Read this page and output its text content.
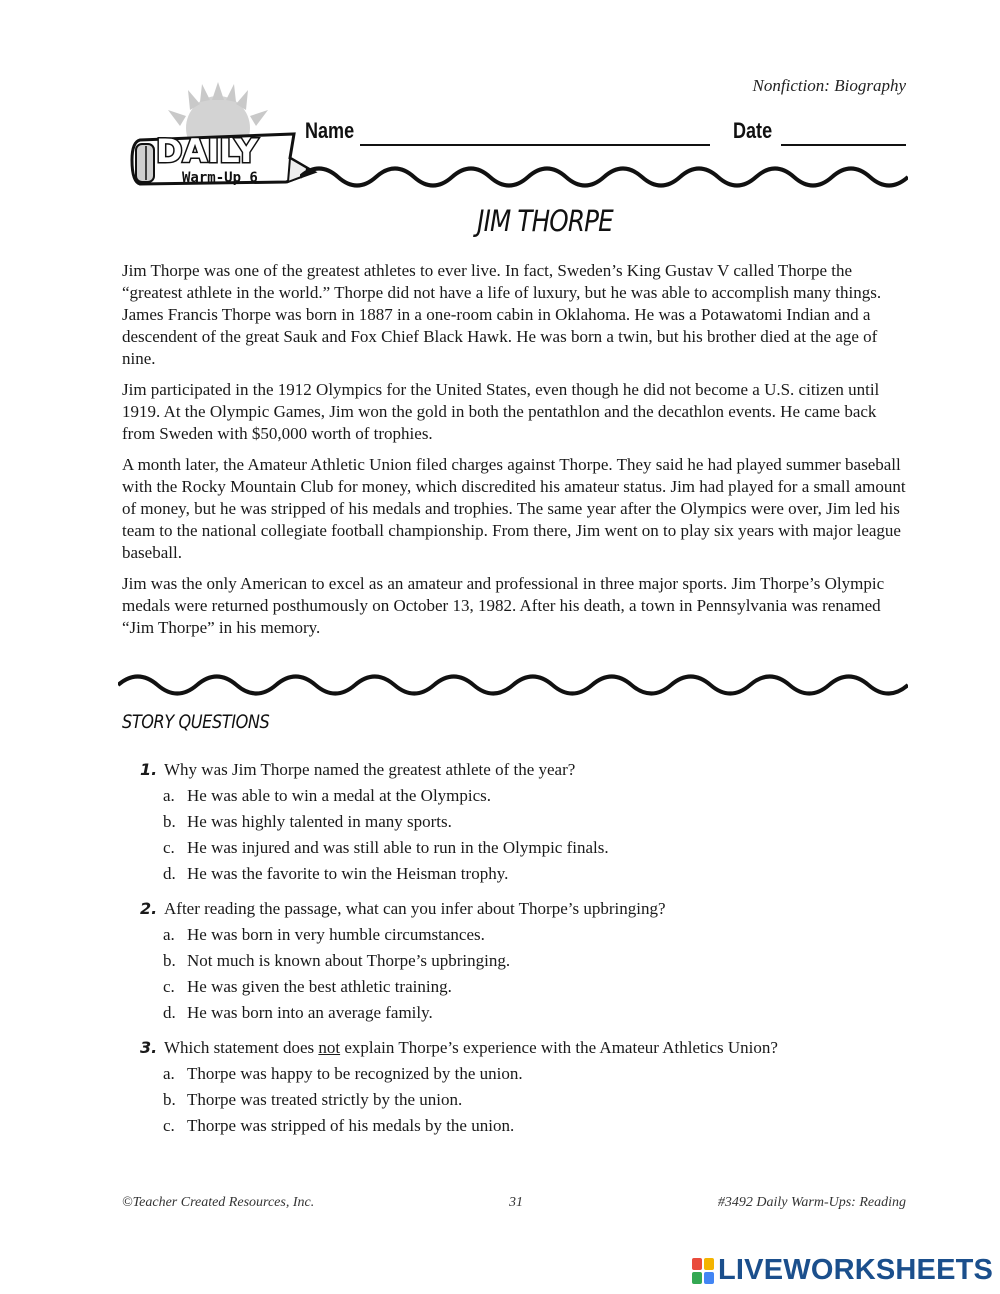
Nonfiction: Biography
DAILY
Warm-Up 6
Name	Date
JIM THORPE

Jim Thorpe was one of the greatest athletes to ever live. In fact, Sweden’s King Gustav V called Thorpe the “greatest athlete in the world.” Thorpe did not have a life of luxury, but he was able to accomplish many things. James Francis Thorpe was born in 1887 in a one-room cabin in Oklahoma. He was a Potawatomi Indian and a descendent of the great Sauk and Fox Chief Black Hawk. He was born a twin, but his brother died at the age of nine.

Jim participated in the 1912 Olympics for the United States, even though he did not become a U.S. citizen until 1919. At the Olympic Games, Jim won the gold in both the pentathlon and the decathlon events. He came back from Sweden with $50,000 worth of trophies.

A month later, the Amateur Athletic Union filed charges against Thorpe. They said he had played summer baseball with the Rocky Mountain Club for money, which discredited his amateur status. Jim had played for a small amount of money, but he was stripped of his medals and trophies. The same year after the Olympics were over, Jim led his team to the national collegiate football championship. From there, Jim went on to play six years with major league baseball.

Jim was the only American to excel as an amateur and professional in three major sports. Jim Thorpe’s Olympic medals were returned posthumously on October 13, 1982. After his death, a town in Pennsylvania was renamed “Jim Thorpe” in his memory.

STORY QUESTIONS
1. Why was Jim Thorpe named the greatest athlete of the year?
a. He was able to win a medal at the Olympics.
b. He was highly talented in many sports.
c. He was injured and was still able to run in the Olympic finals.
d. He was the favorite to win the Heisman trophy.
2. After reading the passage, what can you infer about Thorpe’s upbringing?
a. He was born in very humble circumstances.
b. Not much is known about Thorpe’s upbringing.
c. He was given the best athletic training.
d. He was born into an average family.
3. Which statement does not explain Thorpe’s experience with the Amateur Athletics Union?
a. Thorpe was happy to be recognized by the union.
b. Thorpe was treated strictly by the union.
c. Thorpe was stripped of his medals by the union.
©Teacher Created Resources, Inc.	31	#3492 Daily Warm-Ups: Reading
LIVEWORKSHEETS
